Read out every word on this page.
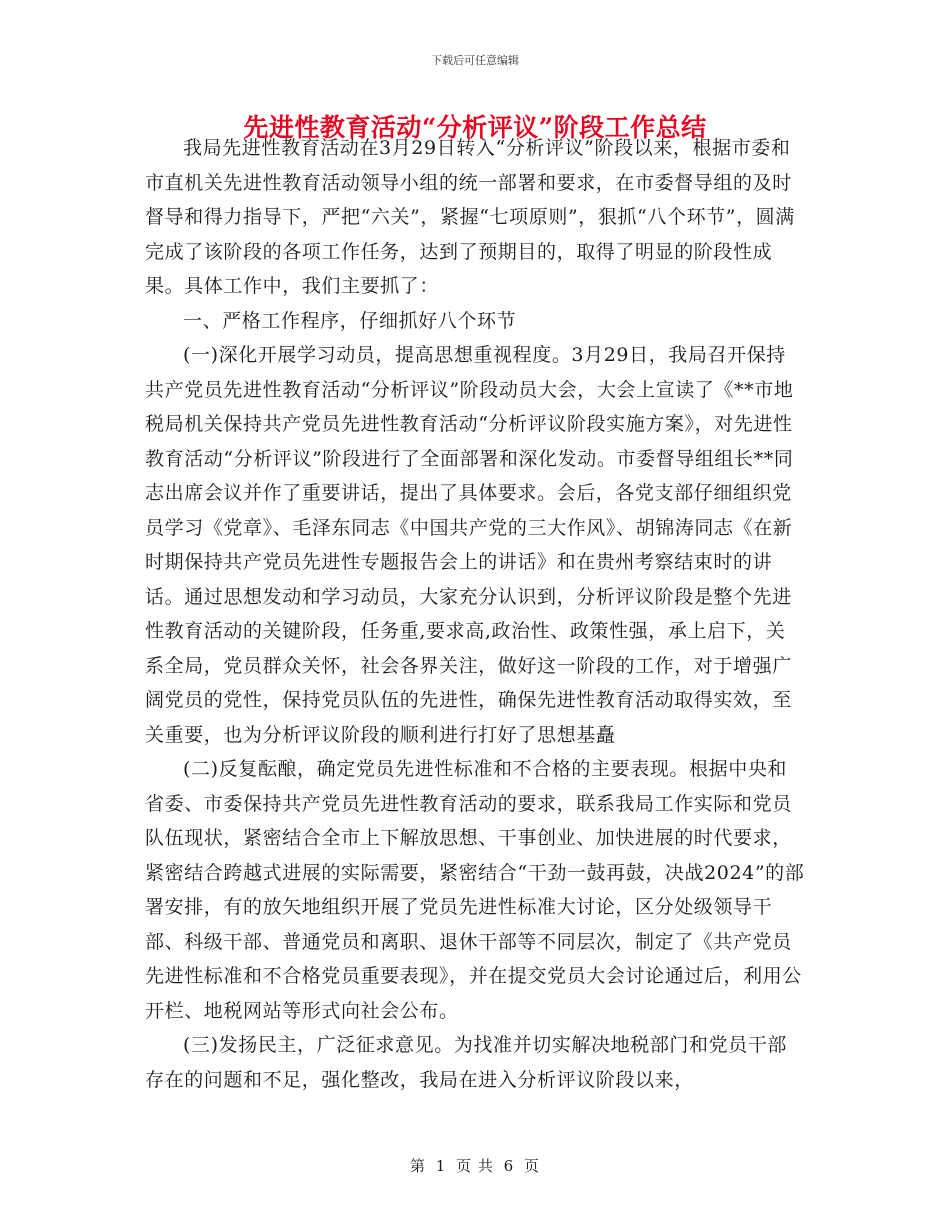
下载后可任意编辑
先进性教育活动“分析评议”阶段工作总结

我局先进性教育活动在3月29日转入“分析评议”阶段以来，根据市委和市直机关先进性教育活动领导小组的统一部署和要求，在市委督导组的及时督导和得力指导下，严把“六关”，紧握“七项原则”，狠抓“八个环节”，圆满完成了该阶段的各项工作任务，达到了预期目的，取得了明显的阶段性成果。具体工作中，我们主要抓了：

一、严格工作程序，仔细抓好八个环节

(一)深化开展学习动员，提高思想重视程度。3月29日，我局召开保持共产党员先进性教育活动“分析评议”阶段动员大会，大会上宣读了《**市地税局机关保持共产党员先进性教育活动“分析评议阶段实施方案》，对先进性教育活动“分析评议”阶段进行了全面部署和深化发动。市委督导组组长**同志出席会议并作了重要讲话，提出了具体要求。会后，各党支部仔细组织党员学习《党章》、毛泽东同志《中国共产党的三大作风》、胡锦涛同志《在新时期保持共产党员先进性专题报告会上的讲话》和在贵州考察结束时的讲话。通过思想发动和学习动员，大家充分认识到，分析评议阶段是整个先进性教育活动的关键阶段，任务重,要求高,政治性、政策性强，承上启下，关系全局，党员群众关怀，社会各界关注，做好这一阶段的工作，对于增强广阔党员的党性，保持党员队伍的先进性，确保先进性教育活动取得实效，至关重要，也为分析评议阶段的顺利进行打好了思想基矗

(二)反复酝酿，确定党员先进性标准和不合格的主要表现。根据中央和省委、市委保持共产党员先进性教育活动的要求，联系我局工作实际和党员队伍现状，紧密结合全市上下解放思想、干事创业、加快进展的时代要求，紧密结合跨越式进展的实际需要，紧密结合“干劲一鼓再鼓，决战2024”的部署安排，有的放矢地组织开展了党员先进性标准大讨论，区分处级领导干部、科级干部、普通党员和离职、退休干部等不同层次，制定了《共产党员先进性标准和不合格党员重要表现》，并在提交党员大会讨论通过后，利用公开栏、地税网站等形式向社会公布。

(三)发扬民主，广泛征求意见。为找准并切实解决地税部门和党员干部存在的问题和不足，强化整改，我局在进入分析评议阶段以来，

第 1 页 共 6 页
